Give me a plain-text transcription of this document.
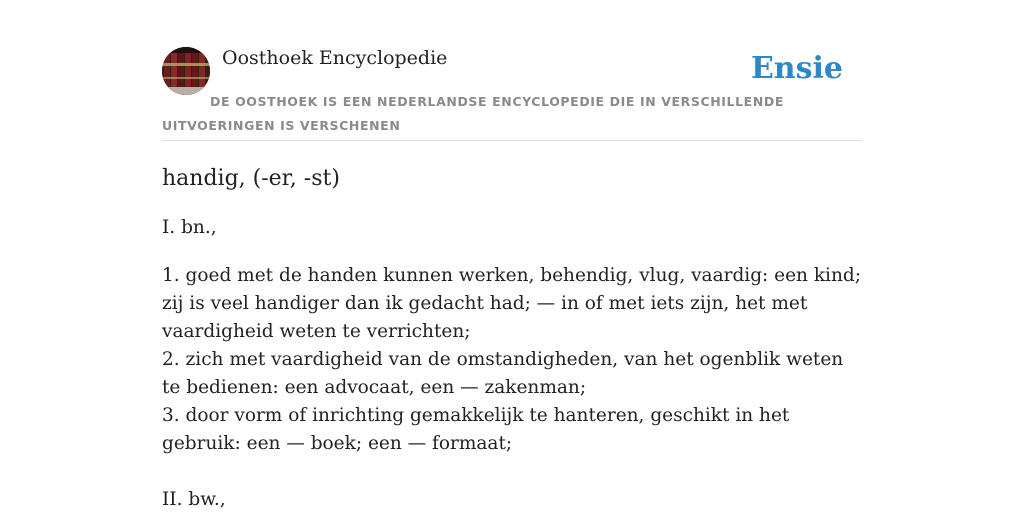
Oosthoek Encyclopedie	Ensie
DE OOSTHOEK IS EEN NEDERLANDSE ENCYCLOPEDIE DIE IN VERSCHILLENDE UITVOERINGEN IS VERSCHENEN
handig, (-er, -st)

I. bn.,

1. goed met de handen kunnen werken, behendig, vlug, vaardig: een kind; zij is veel handiger dan ik gedacht had; — in of met iets zijn, het met vaardigheid weten te verrichten;

2. zich met vaardigheid van de omstandigheden, van het ogenblik weten te bedienen: een advocaat, een — zakenman;

3. door vorm of inrichting gemakkelijk te hanteren, geschikt in het gebruik: een — boek; een — formaat;

II. bw.,
